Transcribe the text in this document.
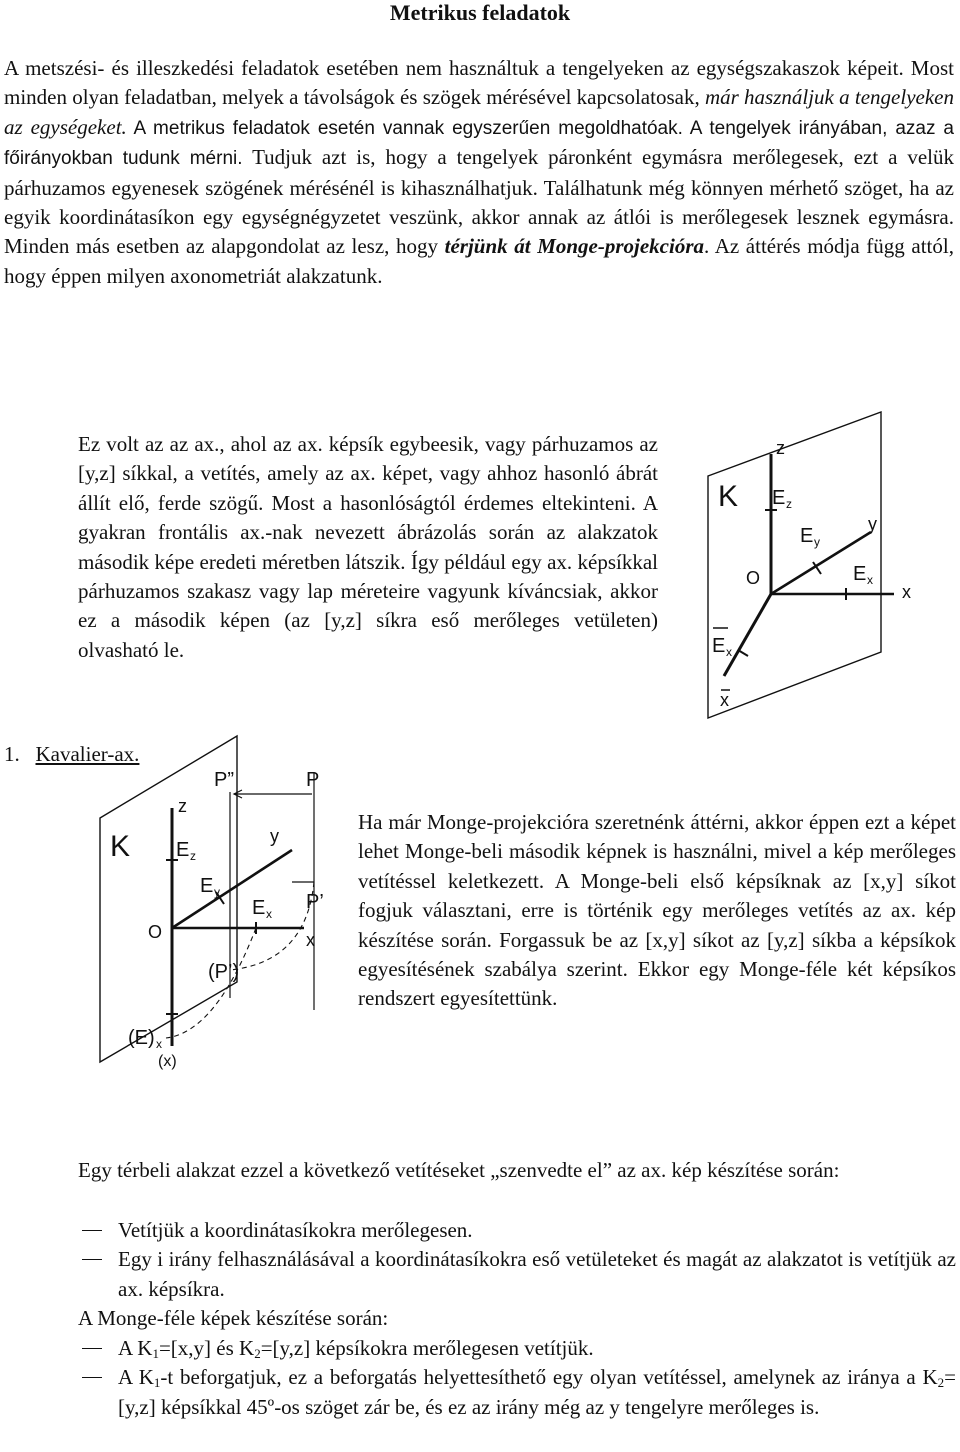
Metrikus feladatok
A metszési- és illeszkedési feladatok esetében nem használtuk a tengelyeken az egységszakaszok képeit. Most minden olyan feladatban, melyek a távolságok és szögek mérésével kapcsolatosak, már használjuk a tengelyeken az egységeket. A metrikus feladatok esetén vannak egyszerűen megoldhatóak. A tengelyek irányában, azaz a főirányokban tudunk mérni. Tudjuk azt is, hogy a tengelyek páronként egymásra merőlegesek, ezt a velük párhuzamos egyenesek szögének mérésénél is kihasználhatjuk. Találhatunk még könnyen mérhető szöget, ha az egyik koordinátasíkon egy egységnégyzetet veszünk, akkor annak az átlói is merőlegesek lesznek egymásra. Minden más esetben az alapgondolat az lesz, hogy térjünk át Monge-projekcióra. Az áttérés módja függ attól, hogy éppen milyen axonometriát alakzatunk.
1. Kavalier-ax.
Ez volt az az ax., ahol az ax. képsík egybeesik, vagy párhuzamos az [y,z] síkkal, a vetítés, amely az ax. képet, vagy ahhoz hasonló ábrát állít elő, ferde szögű. Most a hasonlóságtól érdemes eltekinteni. A gyakran frontális ax.-nak nevezett ábrázolás során az alakzatok második képe eredeti méretben látszik. Így például egy ax. képsíkkal párhuzamos szakasz vagy lap méreteire vagyunk kíváncsiak, akkor ez a második képen (az [y,z] síkra eső merőleges vetületen) olvasható le.
K
z
y
x
O
E z
E y
E x
E x
x
K
z
y
x
O
P”	P
P’
(P’)
E z
E y
E x
(E) x
(x)
Ha már Monge-projekcióra szeretnénk áttérni, akkor éppen ezt a képet lehet Monge-beli második képnek is használni, mivel a kép merőleges vetítéssel keletkezett. A Monge-beli első képsíknak az [x,y] síkot fogjuk választani, erre is történik egy merőleges vetítés az ax. kép készítése során. Forgassuk be az [x,y] síkot az [y,z] síkba a képsíkok egyesítésének szabálya szerint. Ekkor egy Monge-féle két képsíkos rendszert egyesítettünk.
Egy térbeli alakzat ezzel a következő vetítéseket „szenvedte el” az ax. kép készítése során:
Vetítjük a koordinátasíkokra merőlegesen.
Egy i irány felhasználásával a koordinátasíkokra eső vetületeket és magát az alakzatot is vetítjük az ax. képsíkra.
A Monge-féle képek készítése során:
A $K_1=[x,y]$ és $K_2=[y,z]$ képsíkokra merőlegesen vetítjük.
A $K_1-t$ beforgatjuk, ez a beforgatás helyettesíthető egy olyan vetítéssel, amelynek az iránya a $K_2=[y,z]$ képsíkkal 45º-os szöget zár be, és ez az irány még az y tengelyre merőleges is.
